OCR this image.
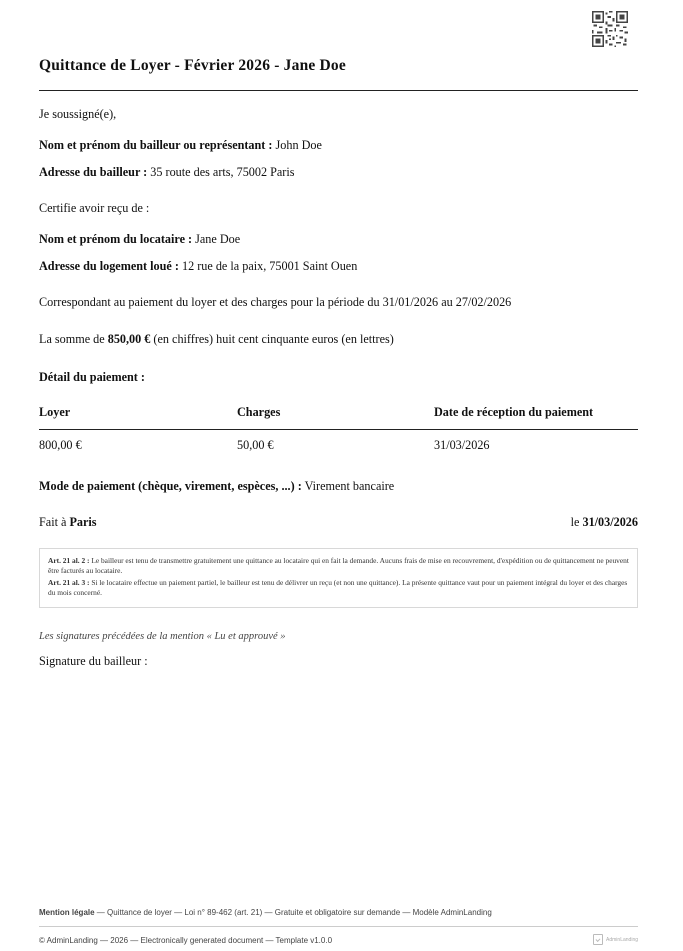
Quittance de Loyer - Février 2026 - Jane Doe
Je soussigné(e),
Nom et prénom du bailleur ou représentant : John Doe
Adresse du bailleur : 35 route des arts, 75002 Paris
Certifie avoir reçu de :
Nom et prénom du locataire : Jane Doe
Adresse du logement loué : 12 rue de la paix, 75001 Saint Ouen
Correspondant au paiement du loyer et des charges pour la période du 31/01/2026 au 27/02/2026
La somme de 850,00 € (en chiffres) huit cent cinquante euros (en lettres)
Détail du paiement :
Loyer	Charges	Date de réception du paiement
800,00 €	50,00 €	31/03/2026
Mode de paiement (chèque, virement, espèces, ...) : Virement bancaire
Fait à Paris	le 31/03/2026

Art. 21 al. 2 : Le bailleur est tenu de transmettre gratuitement une quittance au locataire qui en fait la demande. Aucuns frais de mise en recouvrement, d'expédition ou de quittancement ne peuvent être facturés au locataire.

Art. 21 al. 3 : Si le locataire effectue un paiement partiel, le bailleur est tenu de délivrer un reçu (et non une quittance). La présente quittance vaut pour un paiement intégral du loyer et des charges du mois concerné.

Les signatures précédées de la mention « Lu et approuvé »
Signature du bailleur :
Mention légale — Quittance de loyer — Loi n° 89-462 (art. 21) — Gratuite et obligatoire sur demande — Modèle AdminLanding
© AdminLanding — 2026 — Electronically generated document — Template v1.0.0	AdminLanding
